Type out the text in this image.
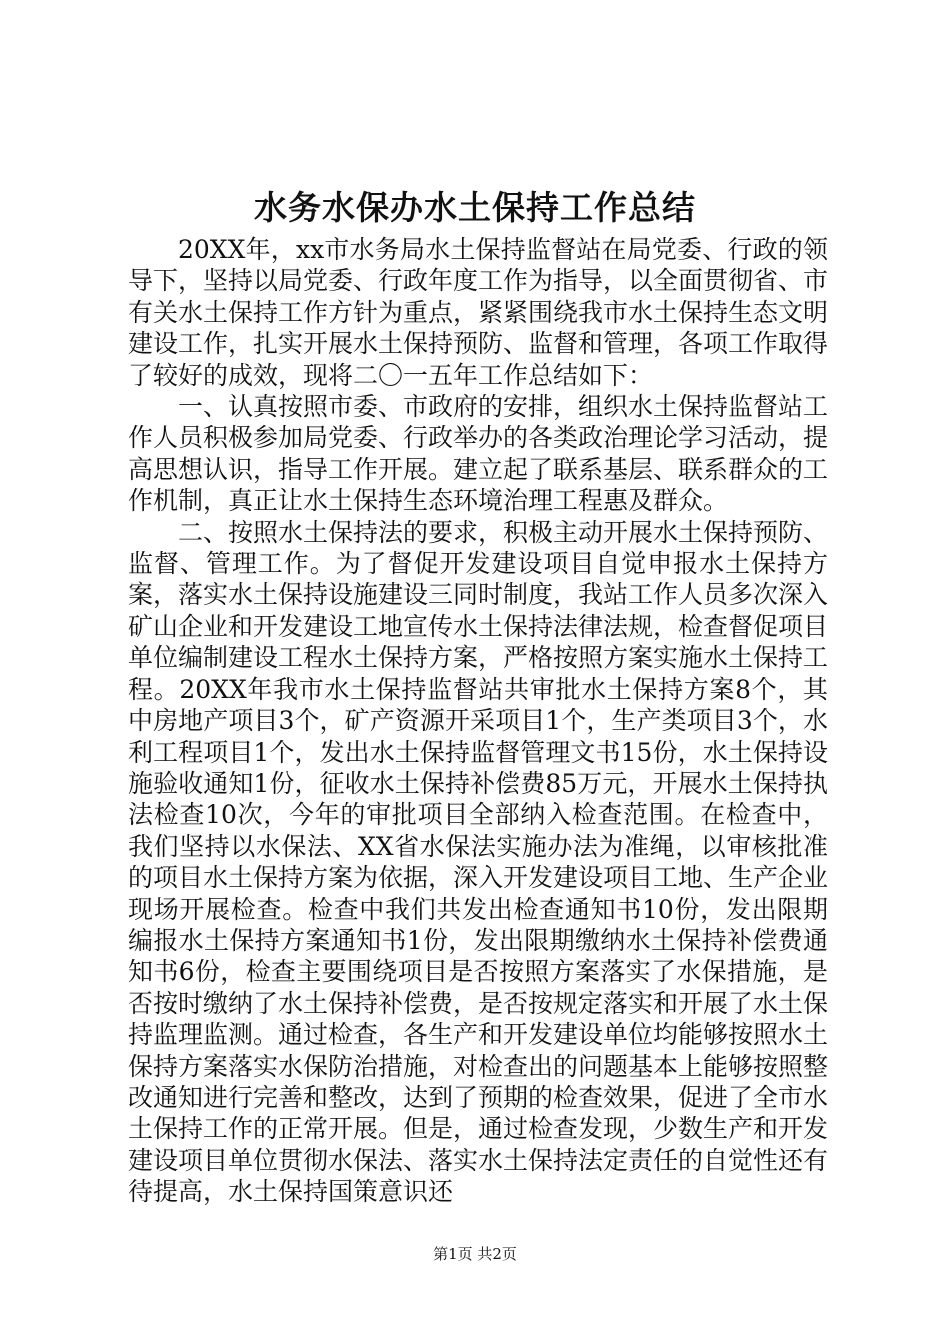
水务水保办水土保持工作总结

20XX年，xx市水务局水土保持监督站在局党委、行政的领导下，坚持以局党委、行政年度工作为指导，以全面贯彻省、市有关水土保持工作方针为重点，紧紧围绕我市水土保持生态文明建设工作，扎实开展水土保持预防、监督和管理，各项工作取得了较好的成效，现将二〇一五年工作总结如下：

一、认真按照市委、市政府的安排，组织水土保持监督站工作人员积极参加局党委、行政举办的各类政治理论学习活动，提高思想认识，指导工作开展。建立起了联系基层、联系群众的工作机制，真正让水土保持生态环境治理工程惠及群众。

二、按照水土保持法的要求，积极主动开展水土保持预防、监督、管理工作。为了督促开发建设项目自觉申报水土保持方案，落实水土保持设施建设三同时制度，我站工作人员多次深入矿山企业和开发建设工地宣传水土保持法律法规，检查督促项目单位编制建设工程水土保持方案，严格按照方案实施水土保持工程。20XX年我市水土保持监督站共审批水土保持方案8个，其中房地产项目3个，矿产资源开采项目1个，生产类项目3个，水利工程项目1个，发出水土保持监督管理文书15份，水土保持设施验收通知1份，征收水土保持补偿费85万元，开展水土保持执法检查10次，今年的审批项目全部纳入检查范围。在检查中，我们坚持以水保法、XX省水保法实施办法为准绳，以审核批准的项目水土保持方案为依据，深入开发建设项目工地、生产企业现场开展检查。检查中我们共发出检查通知书10份，发出限期编报水土保持方案通知书1份，发出限期缴纳水土保持补偿费通知书6份，检查主要围绕项目是否按照方案落实了水保措施，是否按时缴纳了水土保持补偿费，是否按规定落实和开展了水土保持监理监测。通过检查，各生产和开发建设单位均能够按照水土保持方案落实水保防治措施，对检查出的问题基本上能够按照整改通知进行完善和整改，达到了预期的检查效果，促进了全市水土保持工作的正常开展。但是，通过检查发现，少数生产和开发建设项目单位贯彻水保法、落实水土保持法定责任的自觉性还有待提高，水土保持国策意识还

第1页 共2页
